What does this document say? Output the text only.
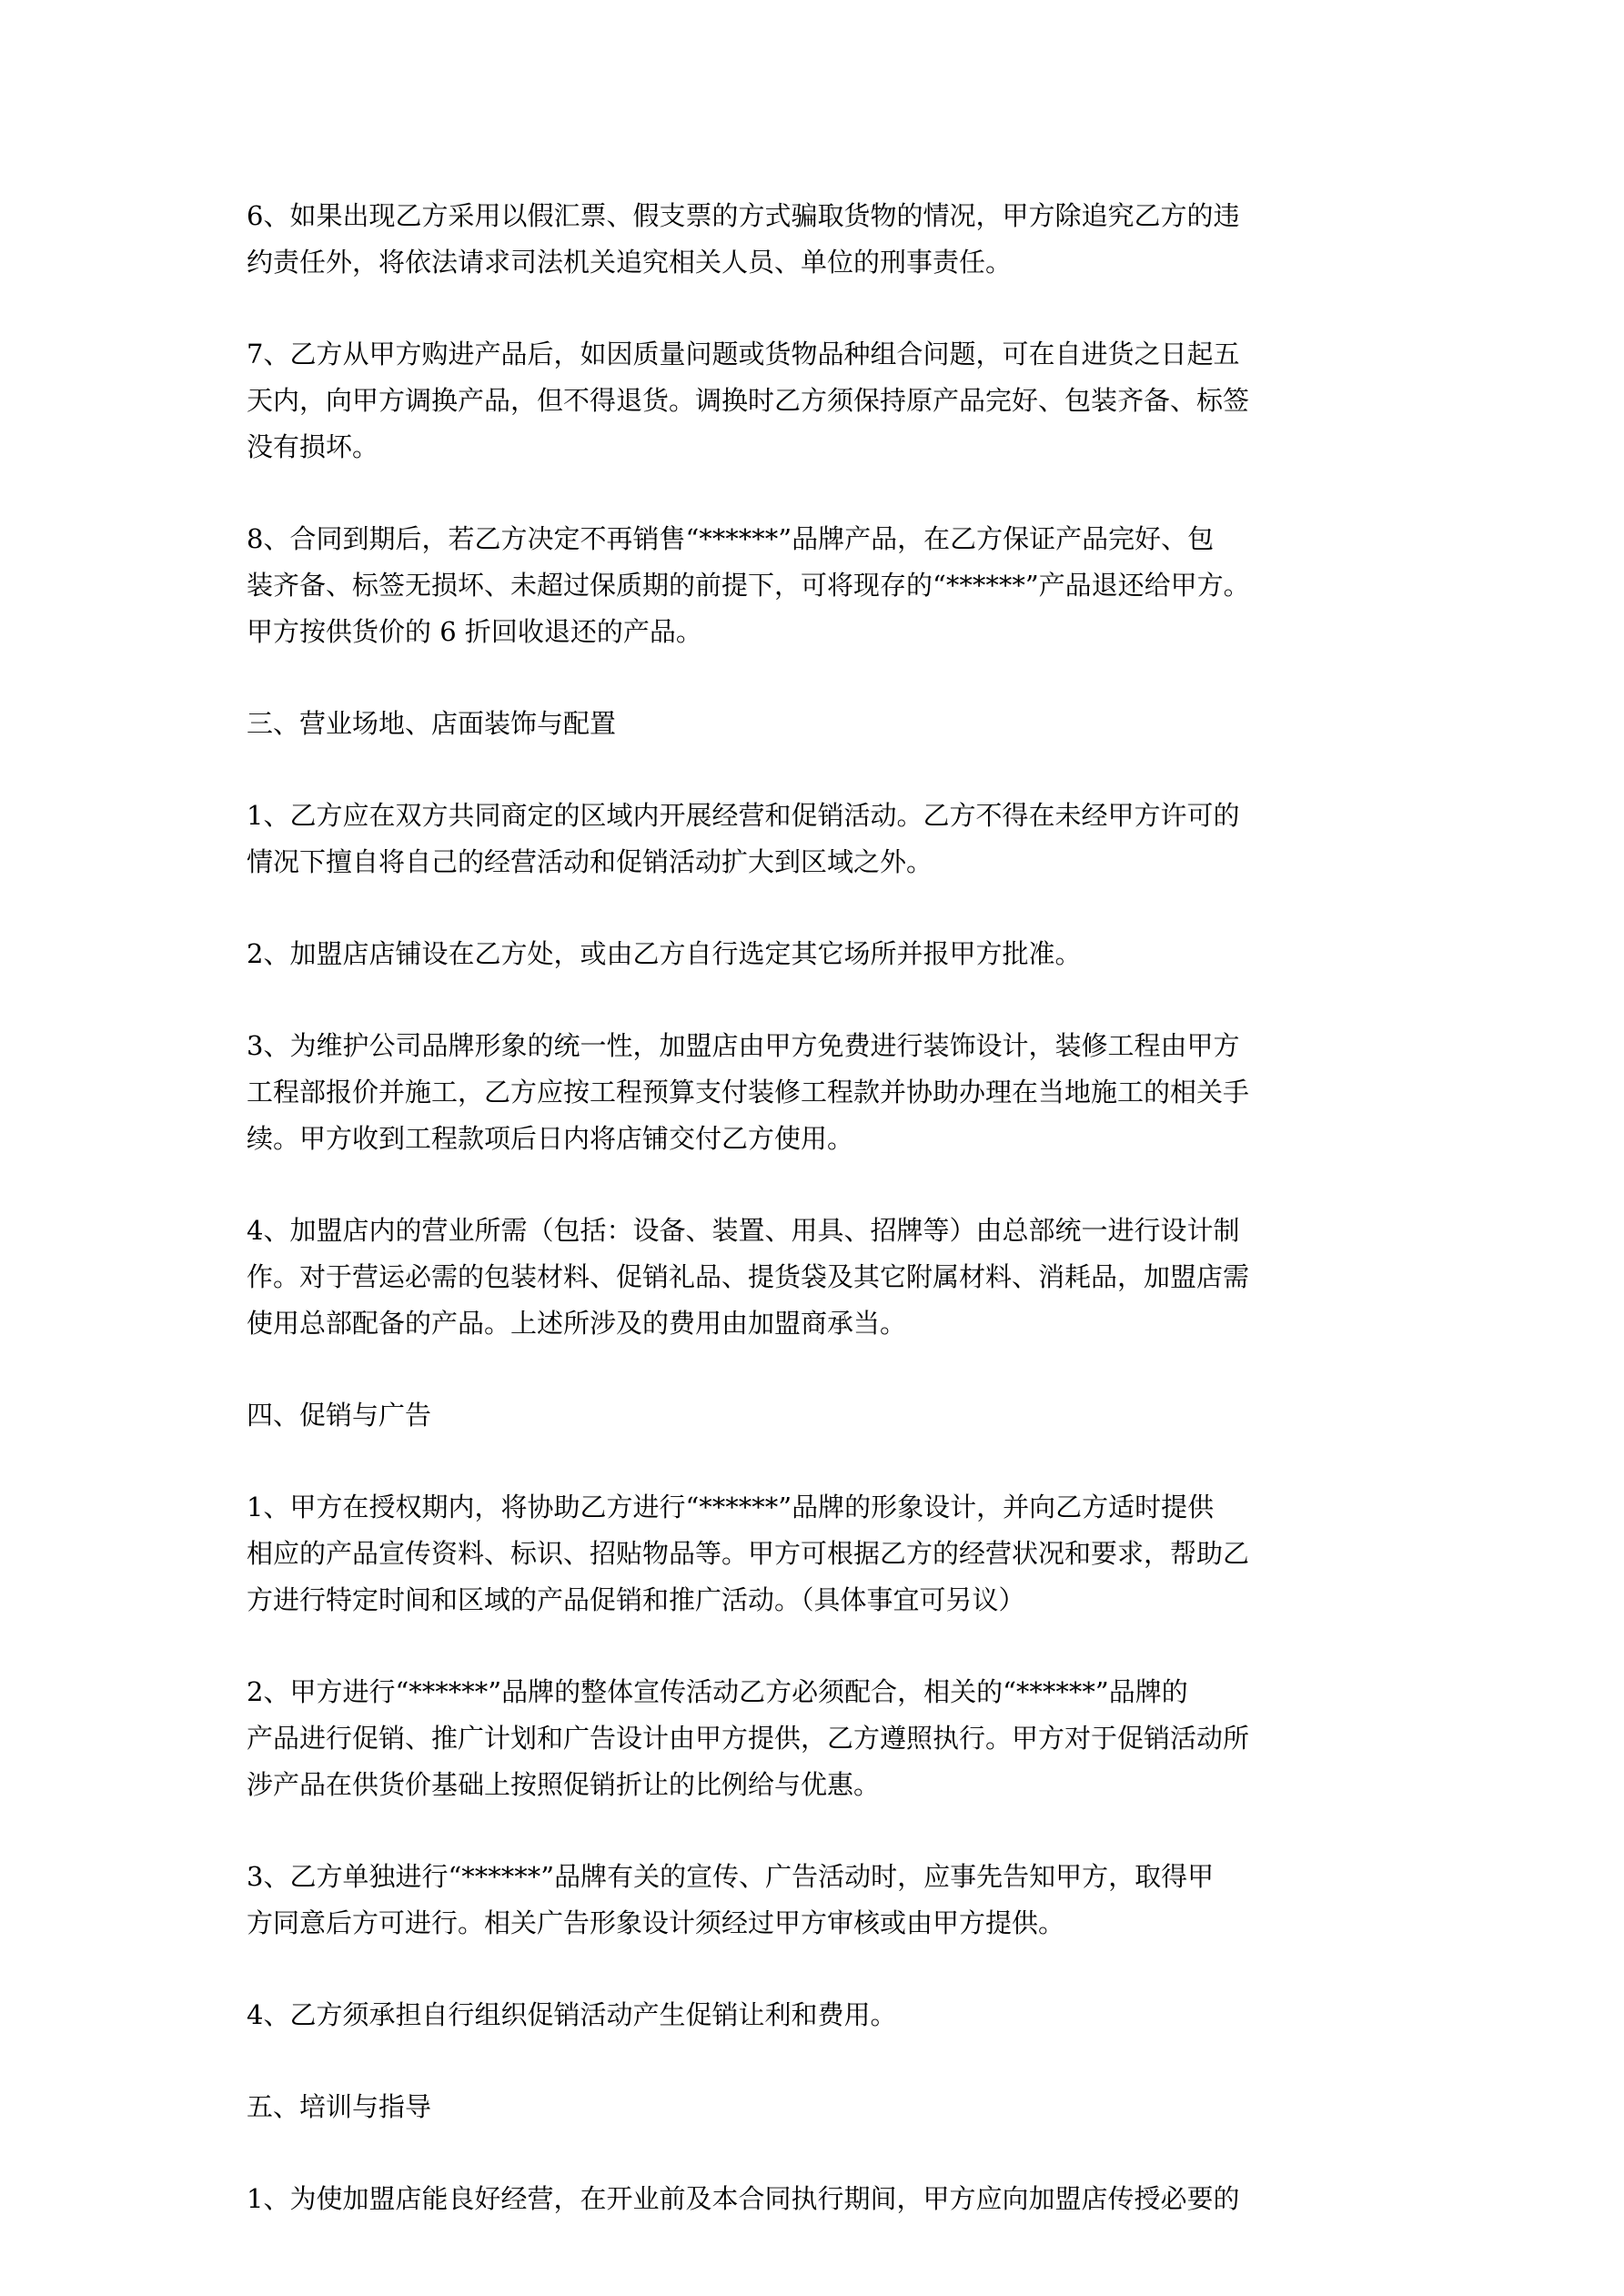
6、如果出现乙方采用以假汇票、假支票的方式骗取货物的情况，甲方除追究乙方的违
约责任外，将依法请求司法机关追究相关人员、单位的刑事责任。
7、乙方从甲方购进产品后，如因质量问题或货物品种组合问题，可在自进货之日起五
天内，向甲方调换产品，但不得退货。调换时乙方须保持原产品完好、包装齐备、标签
没有损坏。
8、合同到期后，若乙方决定不再销售“******”品牌产品，在乙方保证产品完好、包
装齐备、标签无损坏、未超过保质期的前提下，可将现存的“******”产品退还给甲方。
甲方按供货价的 6 折回收退还的产品。
三、营业场地、店面装饰与配置
1、乙方应在双方共同商定的区域内开展经营和促销活动。乙方不得在未经甲方许可的
情况下擅自将自己的经营活动和促销活动扩大到区域之外。
2、加盟店店铺设在乙方处，或由乙方自行选定其它场所并报甲方批准。
3、为维护公司品牌形象的统一性，加盟店由甲方免费进行装饰设计，装修工程由甲方
工程部报价并施工，乙方应按工程预算支付装修工程款并协助办理在当地施工的相关手
续。甲方收到工程款项后日内将店铺交付乙方使用。
4、加盟店内的营业所需（包括：设备、装置、用具、招牌等）由总部统一进行设计制
作。对于营运必需的包装材料、促销礼品、提货袋及其它附属材料、消耗品，加盟店需
使用总部配备的产品。上述所涉及的费用由加盟商承当。
四、促销与广告
1、甲方在授权期内，将协助乙方进行“******”品牌的形象设计，并向乙方适时提供
相应的产品宣传资料、标识、招贴物品等。甲方可根据乙方的经营状况和要求，帮助乙
方进行特定时间和区域的产品促销和推广活动。（具体事宜可另议）
2、甲方进行“******”品牌的整体宣传活动乙方必须配合，相关的“******”品牌的
产品进行促销、推广计划和广告设计由甲方提供，乙方遵照执行。甲方对于促销活动所
涉产品在供货价基础上按照促销折让的比例给与优惠。
3、乙方单独进行“******”品牌有关的宣传、广告活动时，应事先告知甲方，取得甲
方同意后方可进行。相关广告形象设计须经过甲方审核或由甲方提供。
4、乙方须承担自行组织促销活动产生促销让利和费用。
五、培训与指导
1、为使加盟店能良好经营，在开业前及本合同执行期间，甲方应向加盟店传授必要的
